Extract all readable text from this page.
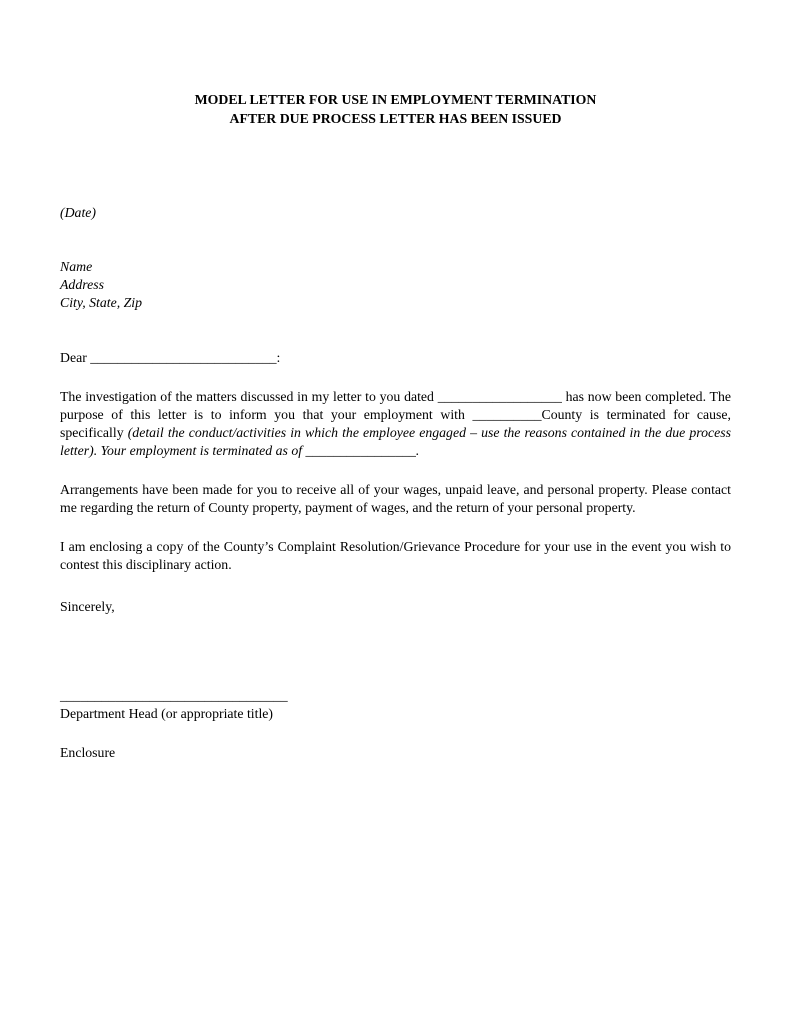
MODEL LETTER FOR USE IN EMPLOYMENT TERMINATION
AFTER DUE PROCESS LETTER HAS BEEN ISSUED

(Date)

Name
Address
City, State, Zip

Dear ___________________________:

The investigation of the matters discussed in my letter to you dated __________________ has now been completed. The purpose of this letter is to inform you that your employment with __________County is terminated for cause, specifically (detail the conduct/activities in which the employee engaged – use the reasons contained in the due process letter). Your employment is terminated as of ________________.

Arrangements have been made for you to receive all of your wages, unpaid leave, and personal property. Please contact me regarding the return of County property, payment of wages, and the return of your personal property.

I am enclosing a copy of the County’s Complaint Resolution/Grievance Procedure for your use in the event you wish to contest this disciplinary action.

Sincerely,

_________________________________

Department Head (or appropriate title)

Enclosure
